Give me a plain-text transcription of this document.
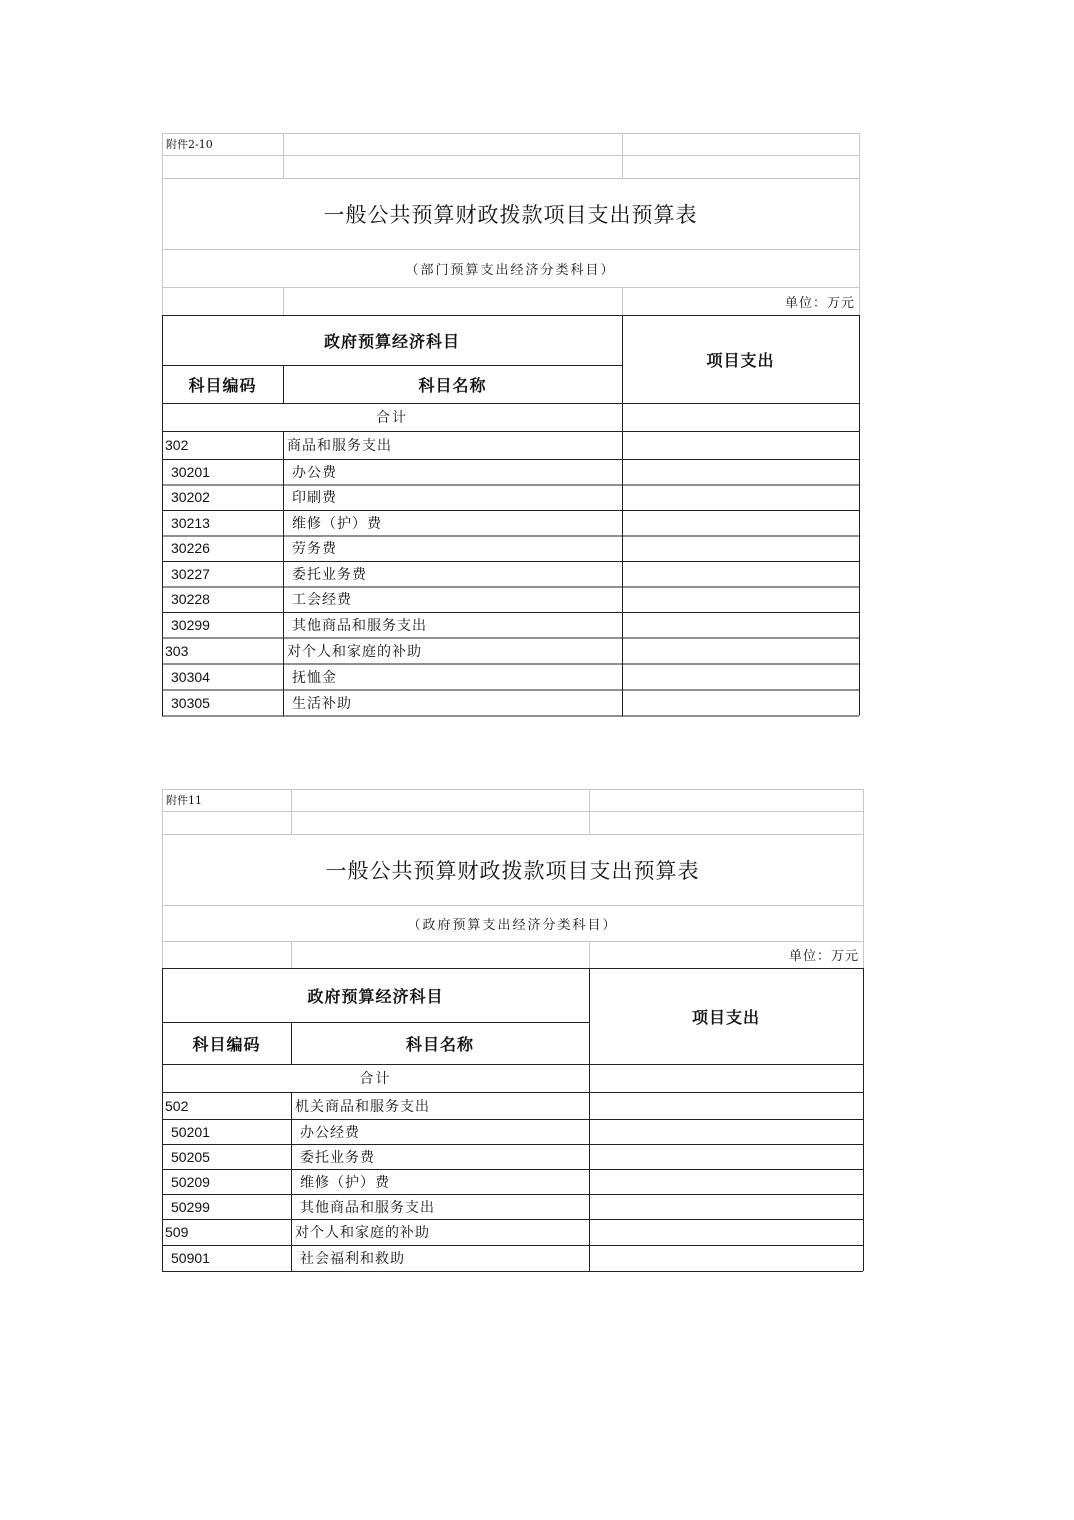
附件2-10
一般公共预算财政拨款项目支出预算表
（部门预算支出经济分类科目）
单位：万元
政府预算经济科目
科目编码	科目名称
项目支出
合计
302	商品和服务支出
30201	办公费
30202	印刷费
30213	维修（护）费
30226	劳务费
30227	委托业务费
30228	工会经费
30299	其他商品和服务支出
303	对个人和家庭的补助
30304	抚恤金
30305	生活补助
附件11
一般公共预算财政拨款项目支出预算表
（政府预算支出经济分类科目）
单位：万元
政府预算经济科目
科目编码	科目名称
项目支出
合计
502	机关商品和服务支出
50201	办公经费
50205	委托业务费
50209	维修（护）费
50299	其他商品和服务支出
509	对个人和家庭的补助
50901	社会福利和救助
